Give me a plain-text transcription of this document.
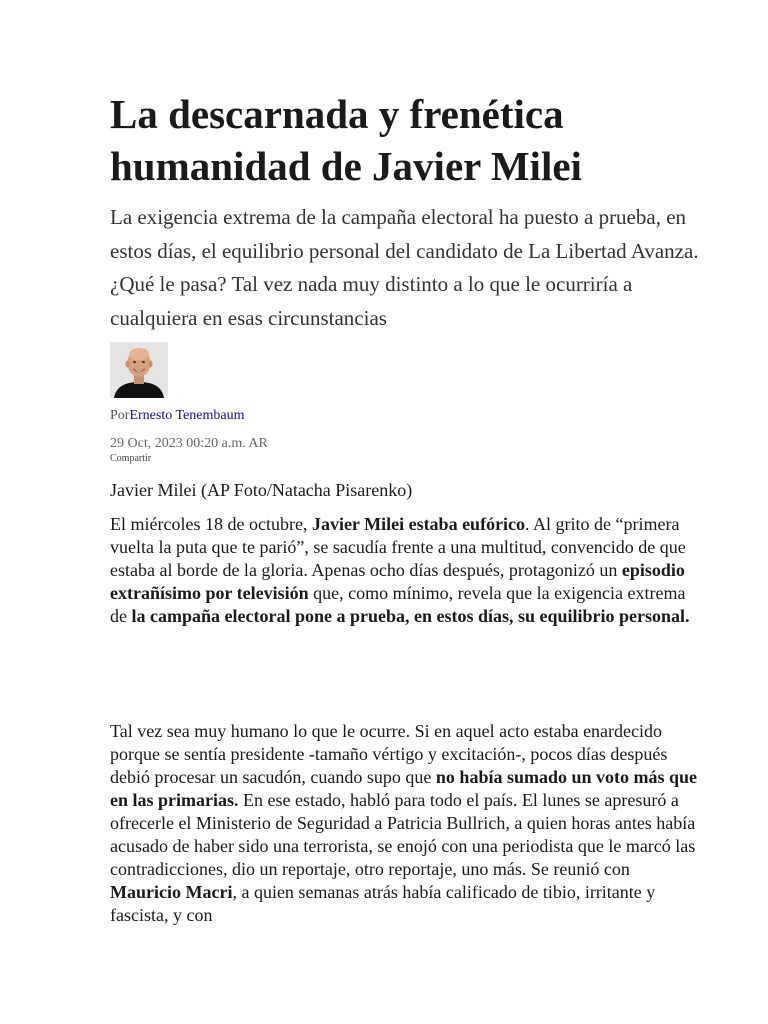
La descarnada y frenética humanidad de Javier Milei

La exigencia extrema de la campaña electoral ha puesto a prueba, en estos días, el equilibrio personal del candidato de La Libertad Avanza. ¿Qué le pasa? Tal vez nada muy distinto a lo que le ocurriría a cualquiera en esas circunstancias

PorErnesto Tenembaum
29 Oct, 2023 00:20 a.m. AR
Compartir
Javier Milei (AP Foto/Natacha Pisarenko)

El miércoles 18 de octubre, Javier Milei estaba eufórico. Al grito de “primera vuelta la puta que te parió”, se sacudía frente a una multitud, convencido de que estaba al borde de la gloria. Apenas ocho días después, protagonizó un episodio extrañísimo por televisión que, como mínimo, revela que la exigencia extrema de la campaña electoral pone a prueba, en estos días, su equilibrio personal.

Tal vez sea muy humano lo que le ocurre. Si en aquel acto estaba enardecido porque se sentía presidente -tamaño vértigo y excitación-, pocos días después debió procesar un sacudón, cuando supo que no había sumado un voto más que en las primarias. En ese estado, habló para todo el país. El lunes se apresuró a ofrecerle el Ministerio de Seguridad a Patricia Bullrich, a quien horas antes había acusado de haber sido una terrorista, se enojó con una periodista que le marcó las contradicciones, dio un reportaje, otro reportaje, uno más. Se reunió con Mauricio Macri, a quien semanas atrás había calificado de tibio, irritante y fascista, y con
